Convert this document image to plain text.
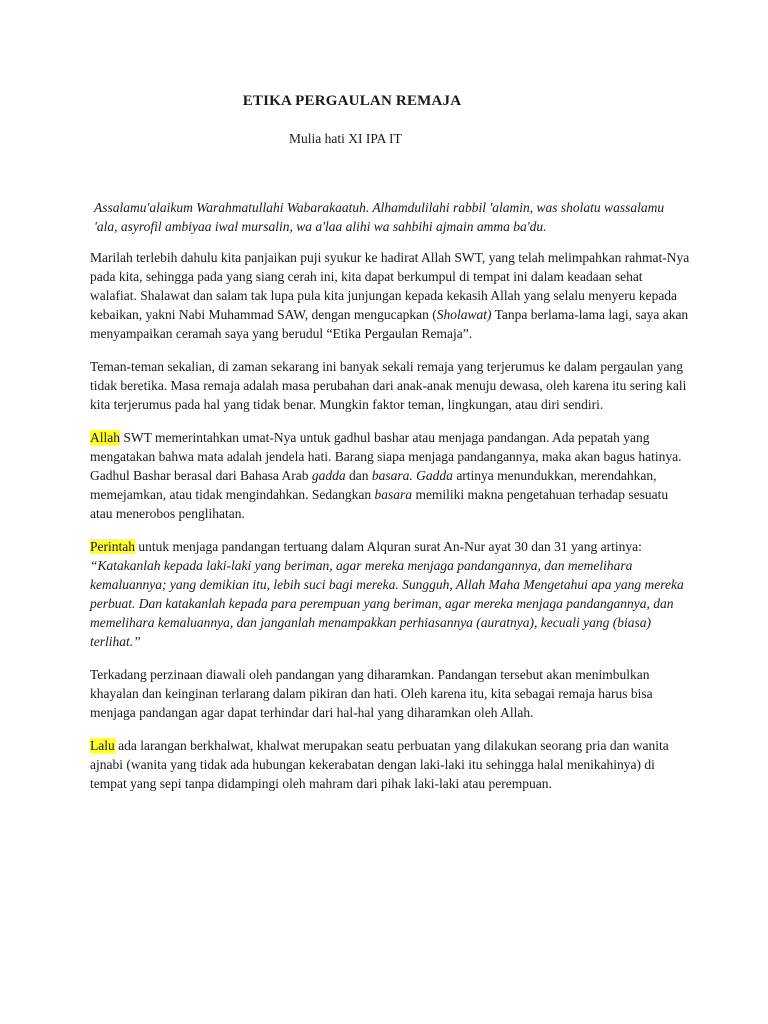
ETIKA PERGAULAN REMAJA
Mulia hati XI IPA IT

Assalamu'alaikum Warahmatullahi Wabarakaatuh. Alhamdulilahi rabbil 'alamin, was sholatu wassalamu 'ala, asyrofil ambiyaa iwal mursalin, wa a'laa alihi wa sahbihi ajmain amma ba'du.

Marilah terlebih dahulu kita panjaikan puji syukur ke hadirat Allah SWT, yang telah melimpahkan rahmat-Nya pada kita, sehingga pada yang siang cerah ini, kita dapat berkumpul di tempat ini dalam keadaan sehat walafiat. Shalawat dan salam tak lupa pula kita junjungan kepada kekasih Allah yang selalu menyeru kepada kebaikan, yakni Nabi Muhammad SAW, dengan mengucapkan (Sholawat) Tanpa berlama-lama lagi, saya akan menyampaikan ceramah saya yang berudul “Etika Pergaulan Remaja”.

Teman-teman sekalian, di zaman sekarang ini banyak sekali remaja yang terjerumus ke dalam pergaulan yang tidak beretika. Masa remaja adalah masa perubahan dari anak-anak menuju dewasa, oleh karena itu sering kali kita terjerumus pada hal yang tidak benar. Mungkin faktor teman, lingkungan, atau diri sendiri.

Allah SWT memerintahkan umat-Nya untuk gadhul bashar atau menjaga pandangan. Ada pepatah yang mengatakan bahwa mata adalah jendela hati. Barang siapa menjaga pandangannya, maka akan bagus hatinya. Gadhul Bashar berasal dari Bahasa Arab gadda dan basara. Gadda artinya menundukkan, merendahkan, memejamkan, atau tidak mengindahkan. Sedangkan basara memiliki makna pengetahuan terhadap sesuatu atau menerobos penglihatan.

Perintah untuk menjaga pandangan tertuang dalam Alquran surat An-Nur ayat 30 dan 31 yang artinya: “Katakanlah kepada laki-laki yang beriman, agar mereka menjaga pandangannya, dan memelihara kemaluannya; yang demikian itu, lebih suci bagi mereka. Sungguh, Allah Maha Mengetahui apa yang mereka perbuat. Dan katakanlah kepada para perempuan yang beriman, agar mereka menjaga pandangannya, dan memelihara kemaluannya, dan janganlah menampakkan perhiasannya (auratnya), kecuali yang (biasa) terlihat.”

Terkadang perzinaan diawali oleh pandangan yang diharamkan. Pandangan tersebut akan menimbulkan khayalan dan keinginan terlarang dalam pikiran dan hati. Oleh karena itu, kita sebagai remaja harus bisa menjaga pandangan agar dapat terhindar dari hal-hal yang diharamkan oleh Allah.

Lalu ada larangan berkhalwat, khalwat merupakan seatu perbuatan yang dilakukan seorang pria dan wanita ajnabi (wanita yang tidak ada hubungan kekerabatan dengan laki-laki itu sehingga halal menikahinya) di tempat yang sepi tanpa didampingi oleh mahram dari pihak laki-laki atau perempuan.
